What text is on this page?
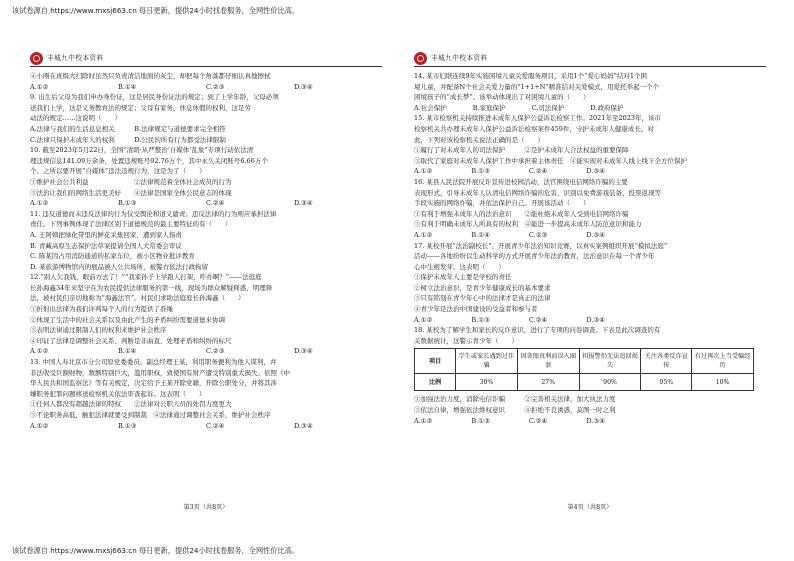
该试卷源自 https://www.mxsj663.cn 每日更新，提供24小时找卷服务，全网性价比高。
丰城九中校本资料
④小刚在班级大扫除时虽然只负责清洁地面的灰尘，却把每个角落都仔细认真地擦拭
A.①②	B.①④	C.②③	D.③④
9. 出生后父母为我们申办身份证，这是居民身份证法的规定；到了上学年龄，父母必须
送我们上学，这是义务教育法的规定；父母有家务，休息休假的权利，这是劳
动法的规定……这说明（　　）
A.法律与我们的生活息息相关　　　B.法律规定与道德要求完全相符
C.法律只保护未成年人的权利　　　D.公民的所有行为都受法律限制
10. 截至2023年5月22日，全国“清朗·从严整治‘自媒体’乱象”专项行动依法清
理违规信息141.09万余条，处置违规账号92.76万个，其中永久关闭账号6.66万个
个。之所以要开展“自媒体”违法违规行为，这是为了（　　）
①维护社会公共利益　　　　　　　②法律规范着全体社会成员的行为
③法治让我们的网络生活更美好　　④法律是国家全体公民意志的体现
A.①②	B.①③	C.②④	D.③④
11. 违反道德而未违反法律的行为仅受舆论和道义谴责；违反法律的行为则应承担法律
责任。下列事例体现了法律区别于道德规范的最主要特征的有（　　）
A. 王阿姨把绿化带里的鲜花采集回家，遭到家人指责
B. 青藏高原生态保护法草案提请全国人大常委会审议
C. 陈某因占用消防通道的私家车位，被小区物业批评教育
D. 某旅游博物馆内的展品被人公共场所，被警方依法行政拘留
12.“别人欠我钱，眼前方去了！”“我家孙子上学跟人打架，咋办啊？”——法庭庭
长孙海鑫34年来坚守在为农民提供法律服务的第一线，现场为群众解疑释惑，明理释
法，被村民们亲切地称为“海鑫法官”。村民们求助法庭庭长孙海鑫（　　）
①折射出法律为我们评判每个人的行为提供了准绳
②体现了生活中的社会关系以及由此产生的矛盾纠纷需要道德来协调
③表明法律通过限制人们的权利来维护社会秩序
④印证了法律是调整社会关系、判断是非曲直、处理矛盾和纠纷的标尺
A.①②	B.①④	C.②③	D.③④
13. 中国人寿北京市分公司原党委委员、副总经理王某，利用职务便利为他人谋利，并
非法收受巨额财物，数额特别巨大，滥用职权，致使国有财产遭受特别重大损失。依照《中
华人民共和国监察法》等有关规定，决定给予王某开除党籍，开除公职处分，并将其涉
嫌职务犯罪问题移送检察机关依法审查起诉。这表明（　　）
①任何人都没有超越法律的特权　　②法律对公职人员的处罚力度更大
③不论职务高低，触犯法律就要受到制裁　④法律通过调整社会关系，维护社会秩序
A.①②	B.①③	C.②④	D.③④
第3页（共8页）
丰城九中校本资料
14. 某市妇联连续9年实施困境儿童关爱服务项目，采用1个“爱心妈妈”结对1个困
境儿童，并配备N个社会关爱力量的“1+1+N”精准结对关爱模式，用爱托举起一个个
困境孩子的“成长梦”。该举动体现出了对困境儿童的（　　）
A.社会保护　　　　B.家庭保护　　　　C.司法保护　　　　D.政府保护
15. 某市检察机关持续推进未成年人保护公益诉讼检察工作。2021年至2023年，该市
检察机关共办理未成年人保护公益诉讼检察案件459件，守护未成年人健康成长。对
此，下列对该检察机关说法正确的是（　　）
①履行了对未成年人的司法保护　　　②是护未成年人合法权益的重要保障
③取代了家庭对未成年人保护工作中承担着主体责任　④能实现对未成年人线上线下全方位保护
A.①②　　　　　　B.①③　　　　　　C.②④　　　　　　D.③④
16. 某县人民法院开展反诈宣传进校园活动，法官围绕电信网络诈骗的主要
表现形式，引导未成年人认清电信网络诈骗的危害，识别以免费游戏装备、投票返现等
手段实施的网络诈骗，并依法保护自己。开展该活动（　　）
①有利于增强未成年人的法治意识　　②能杜绝未成年人受到电信网络诈骗
③有利于明确未成年人所具有的权利　④能进一步提高未成年人防范意识和能力
A.①②　　　　　　B.①④　　　　　　C.②③　　　　　　D.③④
17. 某校开展“法治副校长”、开展青少年法治知识竞赛，以真实案例组织开展“模拟法庭”
活动——各地纷纷以生动科学的方式开展青少年法治教育，法治意识在每一个青少年
心中生根发芽。这表明（　　）
①保护未成年人主要是学校的责任
②树立法治意识，是青少年健康成长的基本要求
③只有铭刻在青少年心中的法律才是真正的法律
④青少年是法治中国建设的受益者和参与者
A.①②　　　　　　B.①③　　　　　　C.②④　　　　　　D.③④
18. 某校为了解学生和家长的反诈意识，进行了专项的问卷调查。下表是此次调查的有
关数据统计，这警示青少年（　　）
项目	学生或家长遇到过诈骗	因贪图真利而误入圈套	担报警仍无法追回损失	关注各类反诈宣传	有过再次上当受骗经历
比例	30%	27%	90%	95%	10%
①加强法治力度，消除电信诈骗　　　②完善相关法律，加大执法力度
③依法自律，增强依法维权意识　　　④拒绝不良诱惑，莫图一时之利
A.①②　　　　　　B.①③　　　　　　C.②④　　　　　　D.③④
第4页（共8页）
该试卷源自 https://www.mxsj663.cn 每日更新，提供24小时找卷服务，全网性价比高。
